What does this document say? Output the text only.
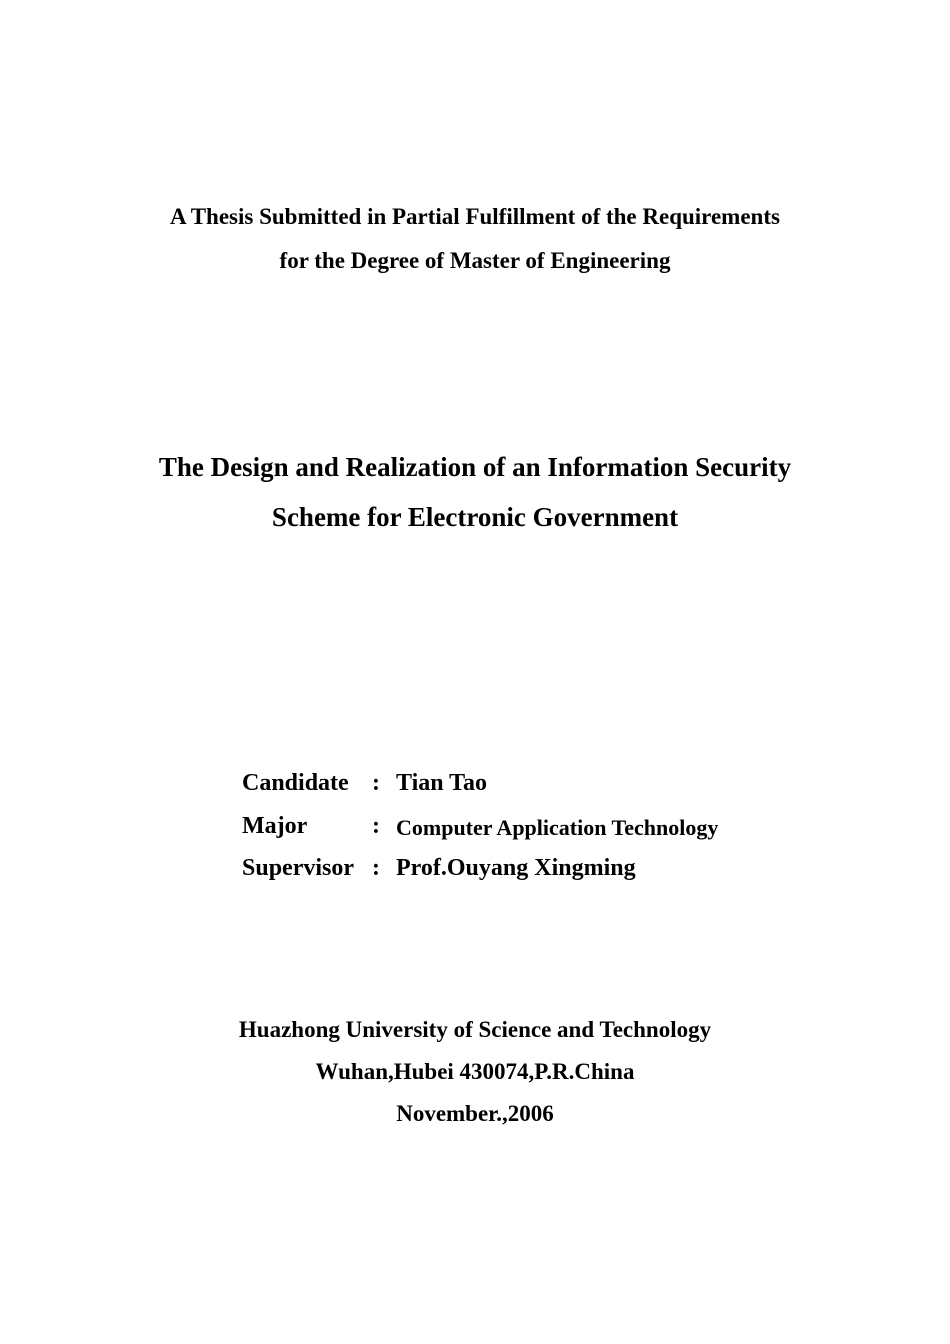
A Thesis Submitted in Partial Fulfillment of the Requirements
for the Degree of Master of Engineering
The Design and Realization of an Information Security
Scheme for Electronic Government
Candidate : Tian Tao
Major	: Computer Application Technology
Supervisor : Prof.Ouyang Xingming
Huazhong University of Science and Technology
Wuhan,Hubei 430074,P.R.China
November.,2006
